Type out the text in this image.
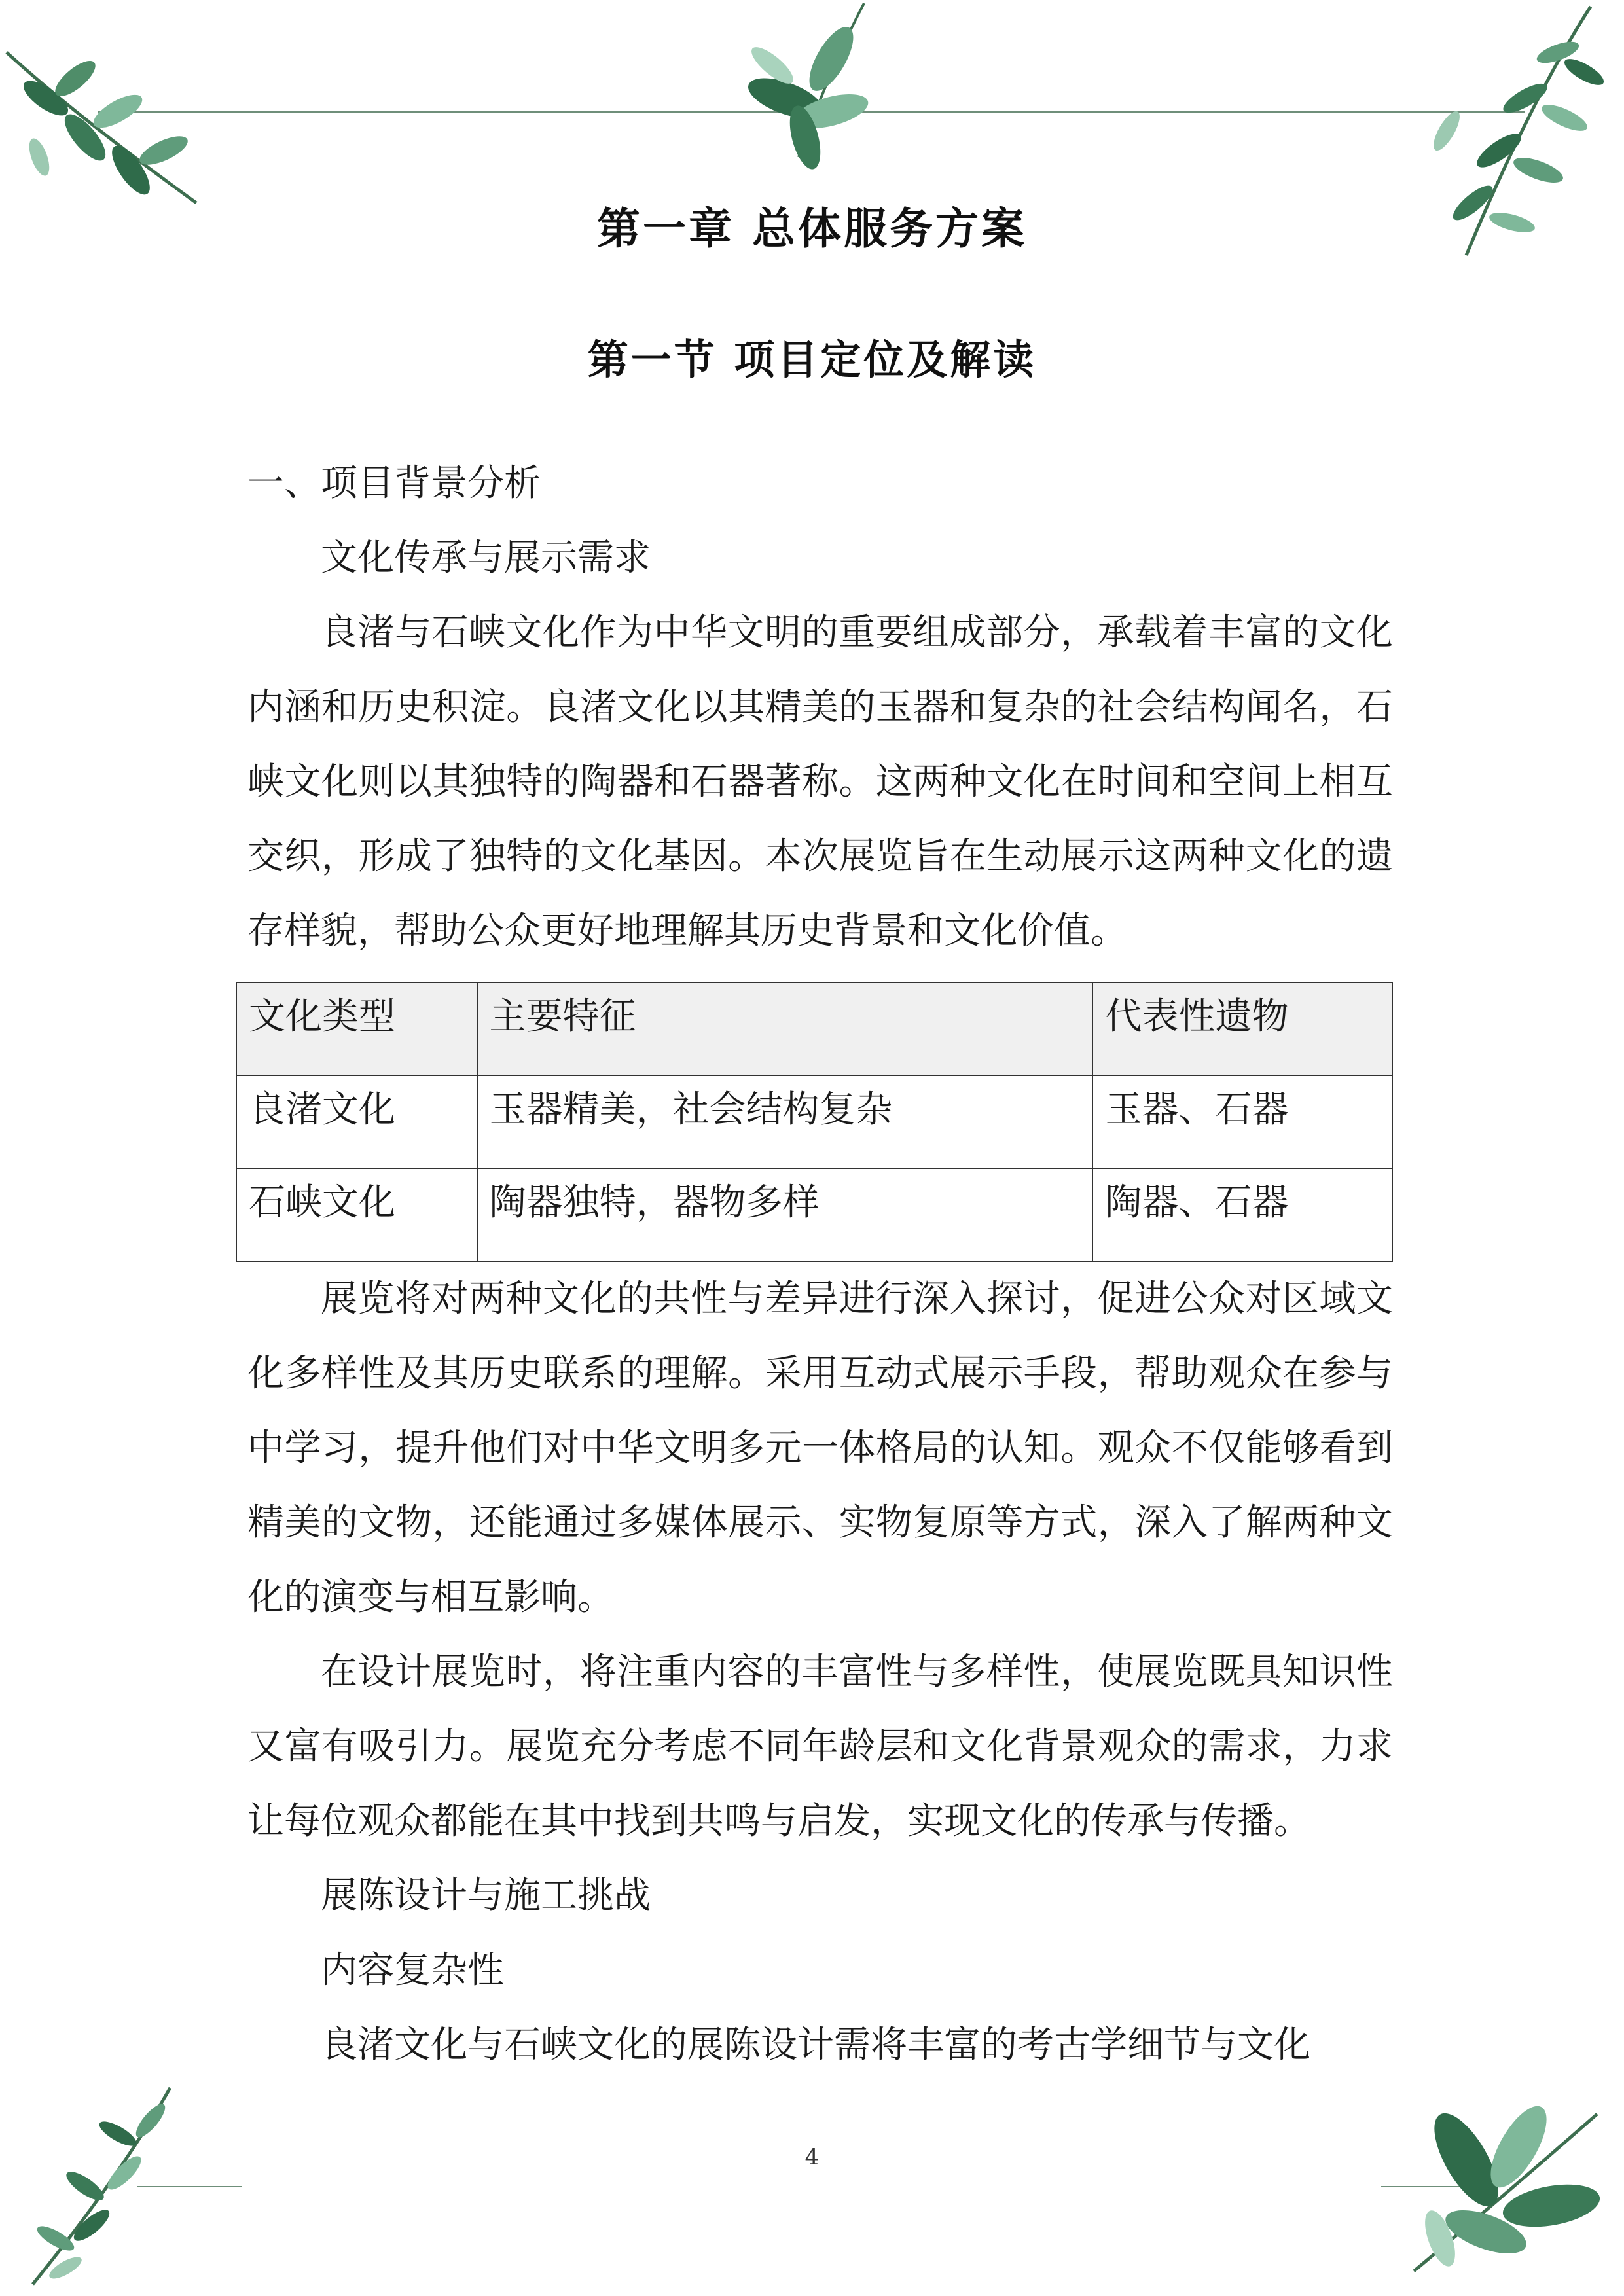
第一章 总体服务方案
第一节 项目定位及解读

一、项目背景分析

文化传承与展示需求

良渚与石峡文化作为中华文明的重要组成部分，承载着丰富的文化内涵和历史积淀。良渚文化以其精美的玉器和复杂的社会结构闻名，石峡文化则以其独特的陶器和石器著称。这两种文化在时间和空间上相互交织，形成了独特的文化基因。本次展览旨在生动展示这两种文化的遗存样貌，帮助公众更好地理解其历史背景和文化价值。

文化类型	主要特征	代表性遗物
良渚文化	玉器精美，社会结构复杂	玉器、石器
石峡文化	陶器独特，器物多样	陶器、石器

展览将对两种文化的共性与差异进行深入探讨，促进公众对区域文化多样性及其历史联系的理解。采用互动式展示手段，帮助观众在参与中学习，提升他们对中华文明多元一体格局的认知。观众不仅能够看到精美的文物，还能通过多媒体展示、实物复原等方式，深入了解两种文化的演变与相互影响。

在设计展览时，将注重内容的丰富性与多样性，使展览既具知识性又富有吸引力。展览充分考虑不同年龄层和文化背景观众的需求，力求让每位观众都能在其中找到共鸣与启发，实现文化的传承与传播。

展陈设计与施工挑战

内容复杂性

良渚文化与石峡文化的展陈设计需将丰富的考古学细节与文化

4
